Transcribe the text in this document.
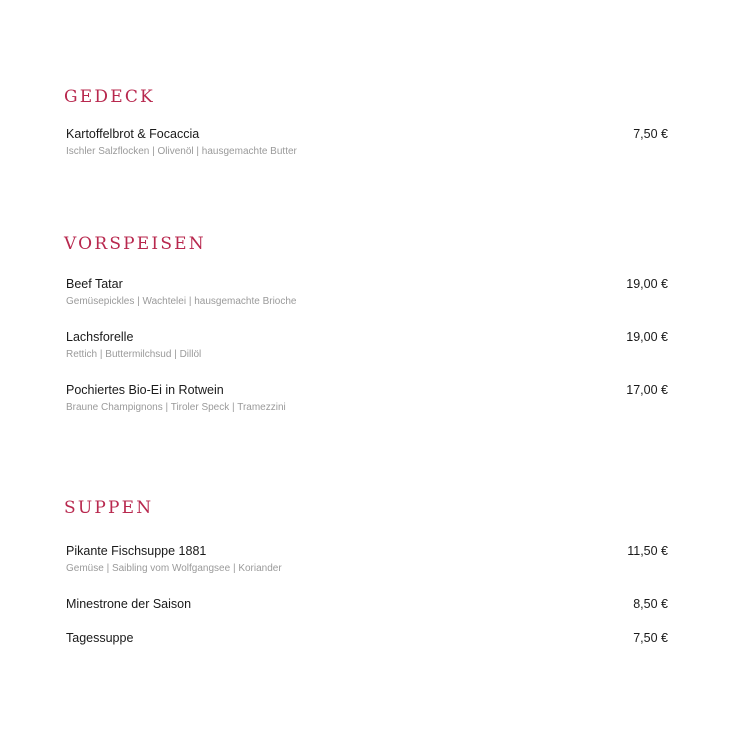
GEDECK
Kartoffelbrot & Focaccia	7,50 €
Ischler Salzflocken | Olivenöl | hausgemachte Butter
VORSPEISEN
Beef Tatar	19,00 €
Gemüsepickles | Wachtelei | hausgemachte Brioche
Lachsforelle	19,00 €
Rettich | Buttermilchsud | Dillöl
Pochiertes Bio-Ei in Rotwein	17,00 €
Braune Champignons | Tiroler Speck | Tramezzini
SUPPEN
Pikante Fischsuppe 1881	11,50 €
Gemüse | Saibling vom Wolfgangsee | Koriander
Minestrone der Saison	8,50 €
Tagessuppe	7,50 €
